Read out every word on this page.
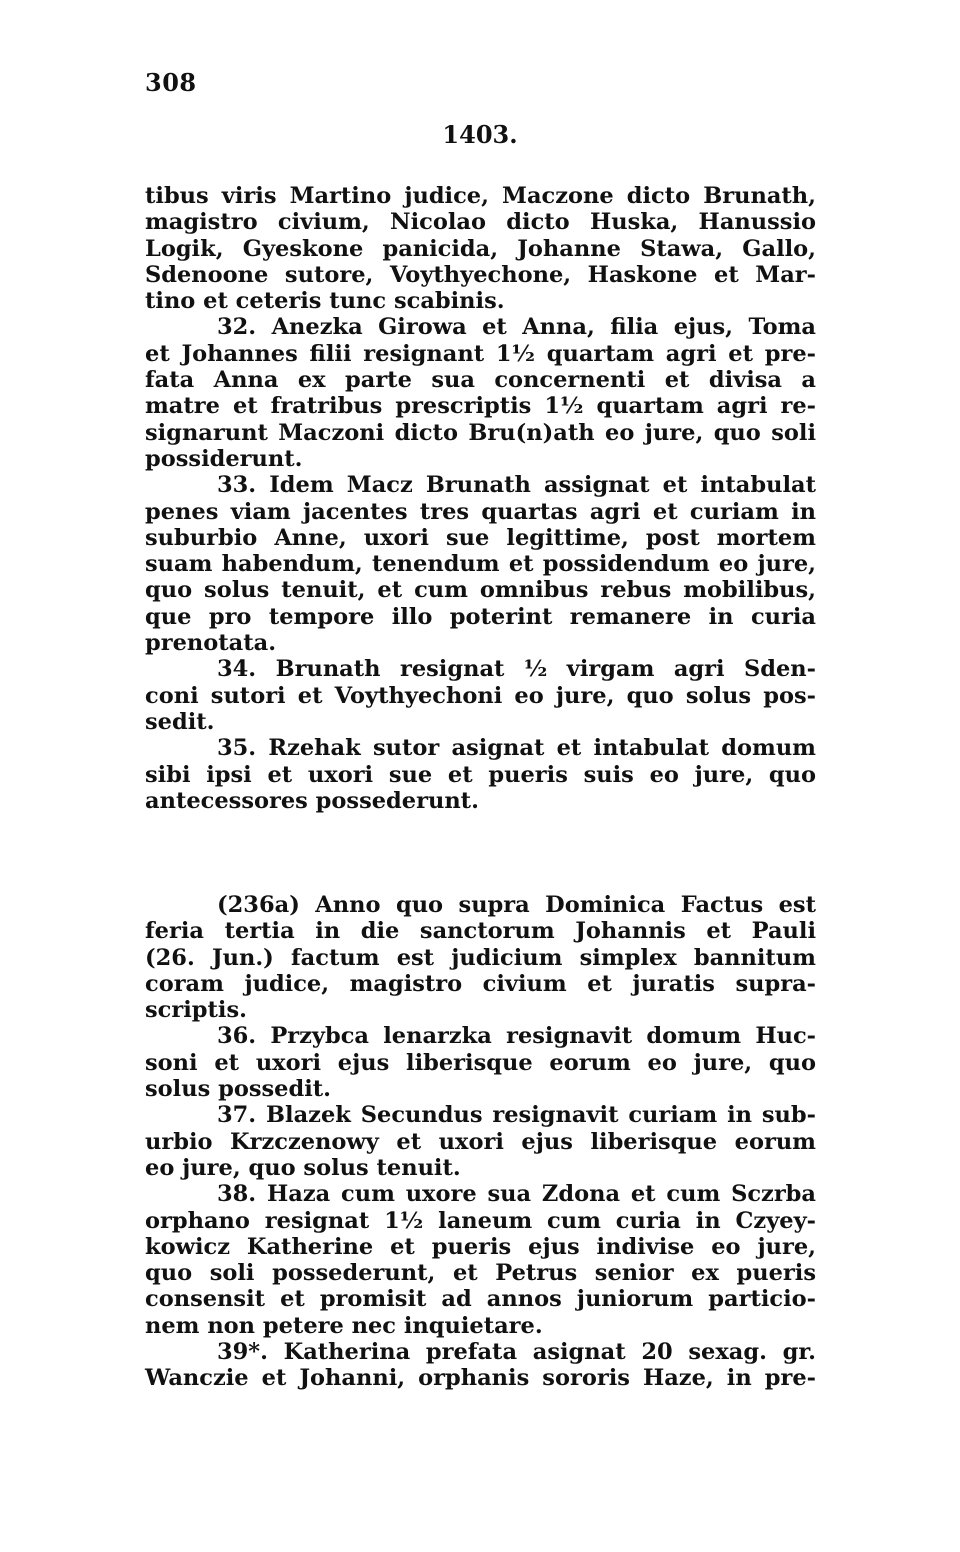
308
1403.
tibus viris Martino judice, Maczone dicto Brunath,
magistro civium, Nicolao dicto Huska, Hanussio
Logik, Gyeskone panicida, Johanne Stawa, Gallo,
Sdenoone sutore, Voythyechone, Haskone et Mar-
tino et ceteris tunc scabinis.
32. Anezka Girowa et Anna, filia ejus, Toma
et Johannes filii resignant 1½ quartam agri et pre-
fata Anna ex parte sua concernenti et divisa a
matre et fratribus prescriptis 1½ quartam agri re-
signarunt Maczoni dicto Bru(n)ath eo jure, quo soli
possiderunt.
33. Idem Macz Brunath assignat et intabulat
penes viam jacentes tres quartas agri et curiam in
suburbio Anne, uxori sue legittime, post mortem
suam habendum, tenendum et possidendum eo jure,
quo solus tenuit, et cum omnibus rebus mobilibus,
que pro tempore illo poterint remanere in curia
prenotata.
34. Brunath resignat ½ virgam agri Sden-
coni sutori et Voythyechoni eo jure, quo solus pos-
sedit.
35. Rzehak sutor asignat et intabulat domum
sibi ipsi et uxori sue et pueris suis eo jure, quo
antecessores possederunt.
(236a) Anno quo supra Dominica Factus est
feria tertia in die sanctorum Johannis et Pauli
(26. Jun.) factum est judicium simplex bannitum
coram judice, magistro civium et juratis supra-
scriptis.
36. Przybca lenarzka resignavit domum Huc-
soni et uxori ejus liberisque eorum eo jure, quo
solus possedit.
37. Blazek Secundus resignavit curiam in sub-
urbio Krzczenowy et uxori ejus liberisque eorum
eo jure, quo solus tenuit.
38. Haza cum uxore sua Zdona et cum Sczrba
orphano resignat 1½ laneum cum curia in Czyey-
kowicz Katherine et pueris ejus indivise eo jure,
quo soli possederunt, et Petrus senior ex pueris
consensit et promisit ad annos juniorum particio-
nem non petere nec inquietare.
39*. Katherina prefata asignat 20 sexag. gr.
Wanczie et Johanni, orphanis sororis Haze, in pre-
